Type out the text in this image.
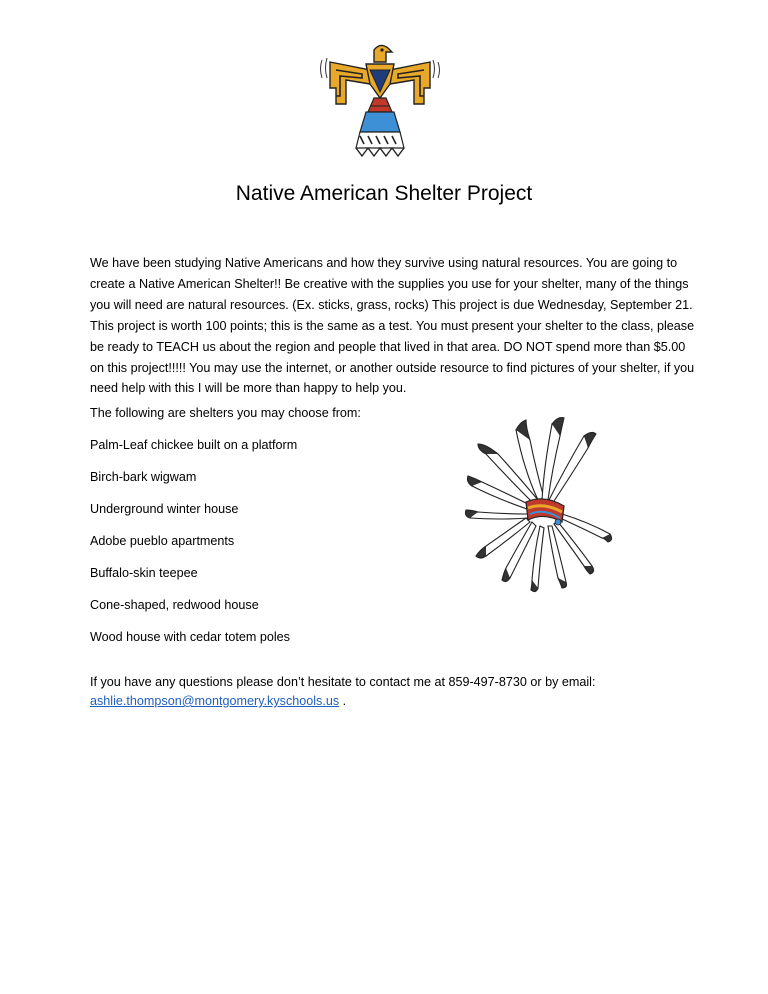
Native American Shelter Project

We have been studying Native Americans and how they survive using natural resources. You are going to create a Native American Shelter!! Be creative with the supplies you use for your shelter, many of the things you will need are natural resources. (Ex. sticks, grass, rocks) This project is due Wednesday, September 21. This project is worth 100 points; this is the same as a test. You must present your shelter to the class, please be ready to TEACH us about the region and people that lived in that area. DO NOT spend more than $5.00 on this project!!!!! You may use the internet, or another outside resource to find pictures of your shelter, if you need help with this I will be more than happy to help you.

The following are shelters you may choose from:

Palm-Leaf chickee built on a platform
Birch-bark wigwam
Underground winter house
Adobe pueblo apartments
Buffalo-skin teepee
Cone-shaped, redwood house
Wood house with cedar totem poles

If you have any questions please don’t hesitate to contact me at 859-497-8730 or by email:
ashlie.thompson@montgomery.kyschools.us .
